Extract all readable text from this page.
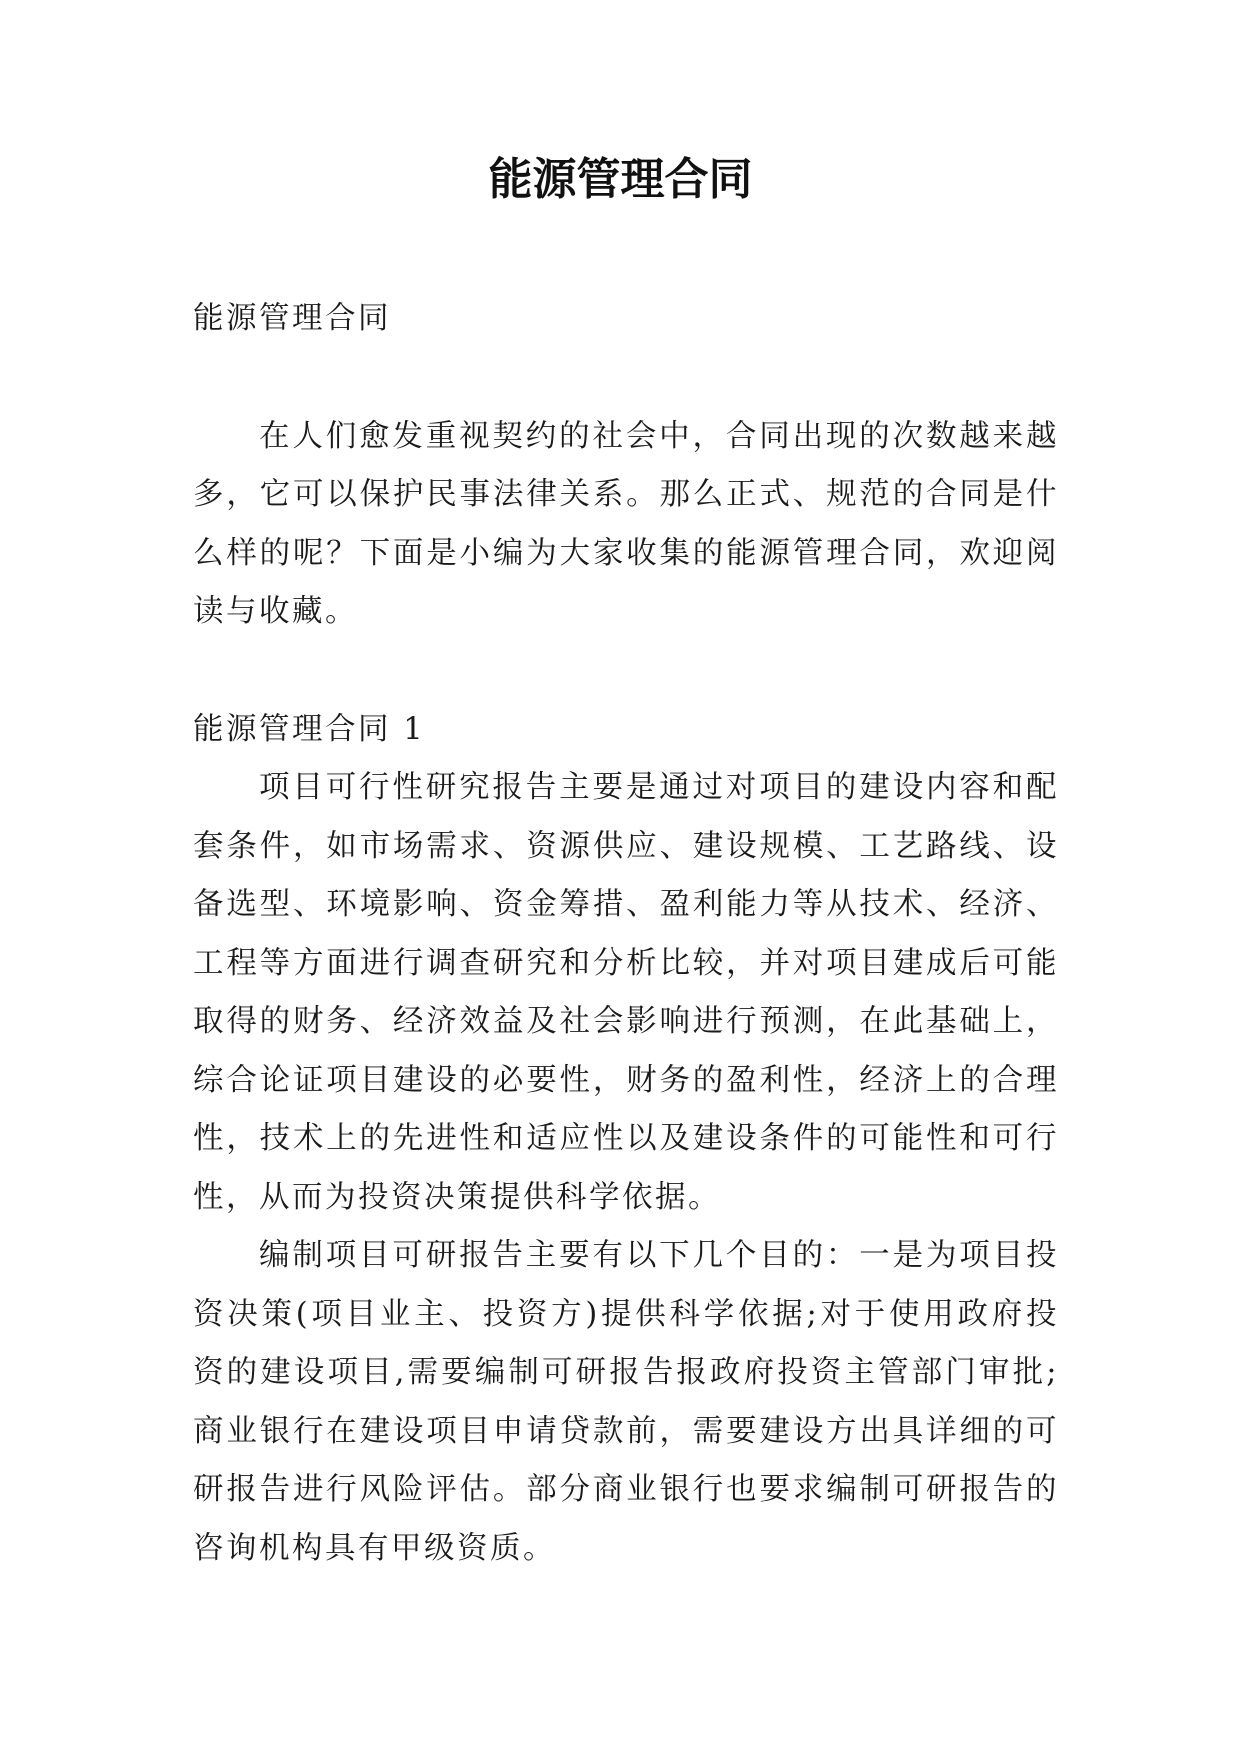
能源管理合同

能源管理合同

在人们愈发重视契约的社会中，合同出现的次数越来越多，它可以保护民事法律关系。那么正式、规范的合同是什么样的呢？下面是小编为大家收集的能源管理合同，欢迎阅读与收藏。

能源管理合同 1

项目可行性研究报告主要是通过对项目的建设内容和配套条件，如市场需求、资源供应、建设规模、工艺路线、设备选型、环境影响、资金筹措、盈利能力等从技术、经济、工程等方面进行调查研究和分析比较，并对项目建成后可能取得的财务、经济效益及社会影响进行预测，在此基础上，综合论证项目建设的必要性，财务的盈利性，经济上的合理性，技术上的先进性和适应性以及建设条件的可能性和可行性，从而为投资决策提供科学依据。

编制项目可研报告主要有以下几个目的：一是为项目投资决策(项目业主、投资方)提供科学依据;对于使用政府投资的建设项目,需要编制可研报告报政府投资主管部门审批;商业银行在建设项目申请贷款前，需要建设方出具详细的可研报告进行风险评估。部分商业银行也要求编制可研报告的咨询机构具有甲级资质。
